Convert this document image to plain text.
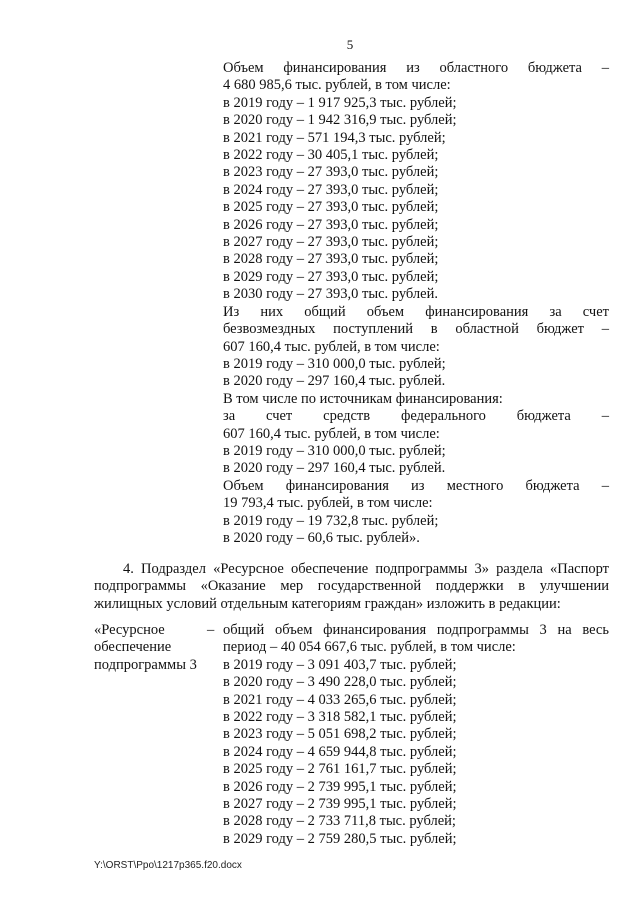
5
Объем финансирования из областного бюджета –
4 680 985,6 тыс. рублей, в том числе:
в 2019 году – 1 917 925,3 тыс. рублей;
в 2020 году – 1 942 316,9 тыс. рублей;
в 2021 году – 571 194,3 тыс. рублей;
в 2022 году – 30 405,1 тыс. рублей;
в 2023 году – 27 393,0 тыс. рублей;
в 2024 году – 27 393,0 тыс. рублей;
в 2025 году – 27 393,0 тыс. рублей;
в 2026 году – 27 393,0 тыс. рублей;
в 2027 году – 27 393,0 тыс. рублей;
в 2028 году – 27 393,0 тыс. рублей;
в 2029 году – 27 393,0 тыс. рублей;
в 2030 году – 27 393,0 тыс. рублей.
Из них общий объем финансирования за счет
безвозмездных поступлений в областной бюджет –
607 160,4 тыс. рублей, в том числе:
в 2019 году – 310 000,0 тыс. рублей;
в 2020 году – 297 160,4 тыс. рублей.
В том числе по источникам финансирования:
за счет средств федерального бюджета –
607 160,4 тыс. рублей, в том числе:
в 2019 году – 310 000,0 тыс. рублей;
в 2020 году – 297 160,4 тыс. рублей.
Объем финансирования из местного бюджета –
19 793,4 тыс. рублей, в том числе:
в 2019 году – 19 732,8 тыс. рублей;
в 2020 году – 60,6 тыс. рублей».
4. Подраздел «Ресурсное обеспечение подпрограммы 3» раздела «Паспорт
подпрограммы «Оказание мер государственной поддержки в улучшении
жилищных условий отдельным категориям граждан» изложить в редакции:
«Ресурсное
обеспечение
подпрограммы 3
– общий объем финансирования подпрограммы 3 на весь
период – 40 054 667,6 тыс. рублей, в том числе:
в 2019 году – 3 091 403,7 тыс. рублей;
в 2020 году – 3 490 228,0 тыс. рублей;
в 2021 году – 4 033 265,6 тыс. рублей;
в 2022 году – 3 318 582,1 тыс. рублей;
в 2023 году – 5 051 698,2 тыс. рублей;
в 2024 году – 4 659 944,8 тыс. рублей;
в 2025 году – 2 761 161,7 тыс. рублей;
в 2026 году – 2 739 995,1 тыс. рублей;
в 2027 году – 2 739 995,1 тыс. рублей;
в 2028 году – 2 733 711,8 тыс. рублей;
в 2029 году – 2 759 280,5 тыс. рублей;
Y:\ORST\Ppo\1217p365.f20.docx
